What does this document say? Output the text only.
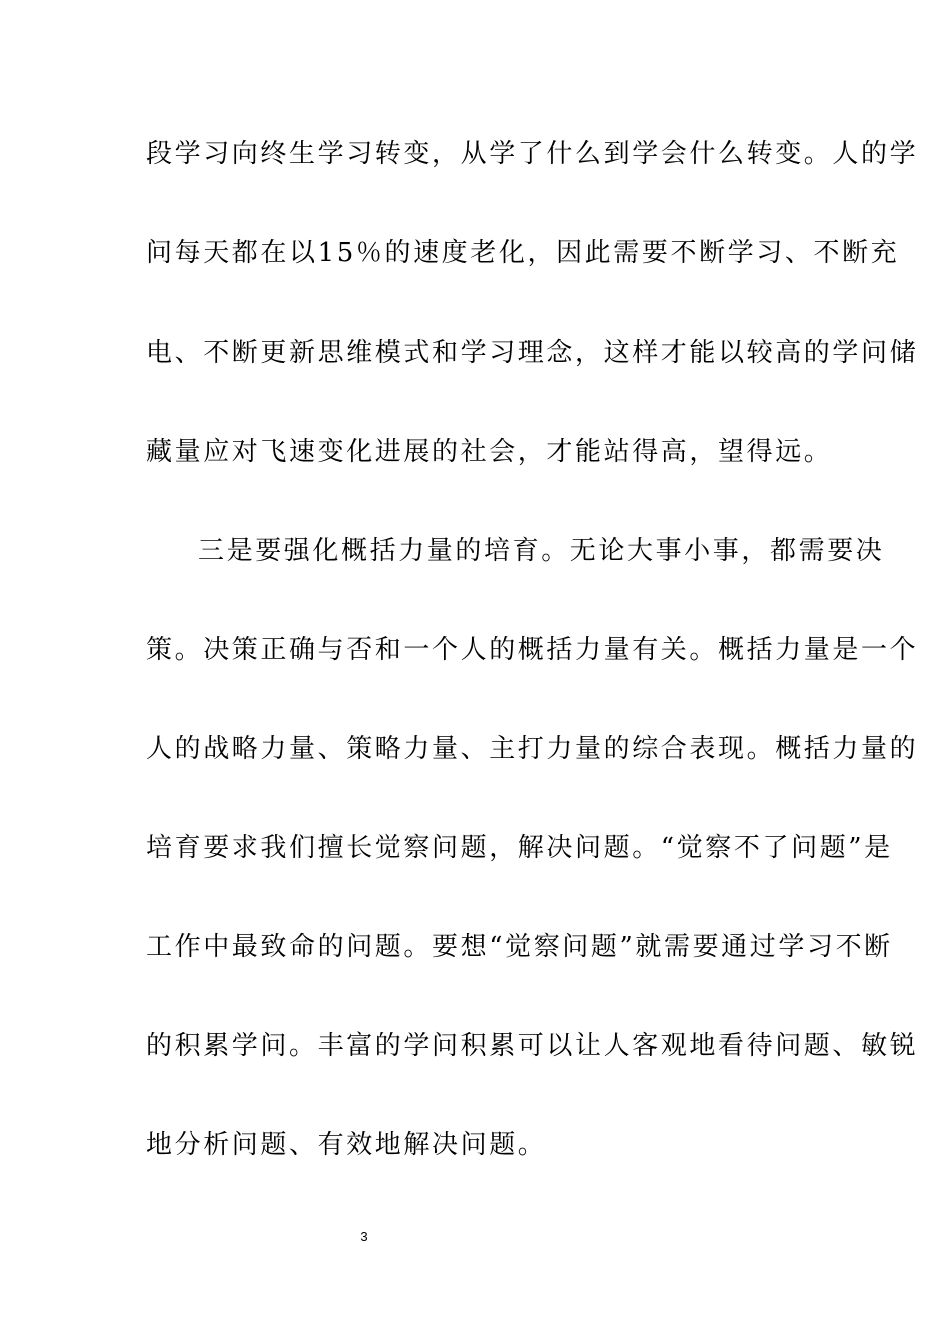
段学习向终生学习转变，从学了什么到学会什么转变。人的学
问每天都在以15％的速度老化，因此需要不断学习、不断充
电、不断更新思维模式和学习理念，这样才能以较高的学问储
藏量应对飞速变化进展的社会，才能站得高，望得远。
三是要强化概括力量的培育。无论大事小事，都需要决
策。决策正确与否和一个人的概括力量有关。概括力量是一个
人的战略力量、策略力量、主打力量的综合表现。概括力量的
培育要求我们擅长觉察问题，解决问题。“觉察不了问题”是
工作中最致命的问题。要想“觉察问题”就需要通过学习不断
的积累学问。丰富的学问积累可以让人客观地看待问题、敏锐
地分析问题、有效地解决问题。
3
